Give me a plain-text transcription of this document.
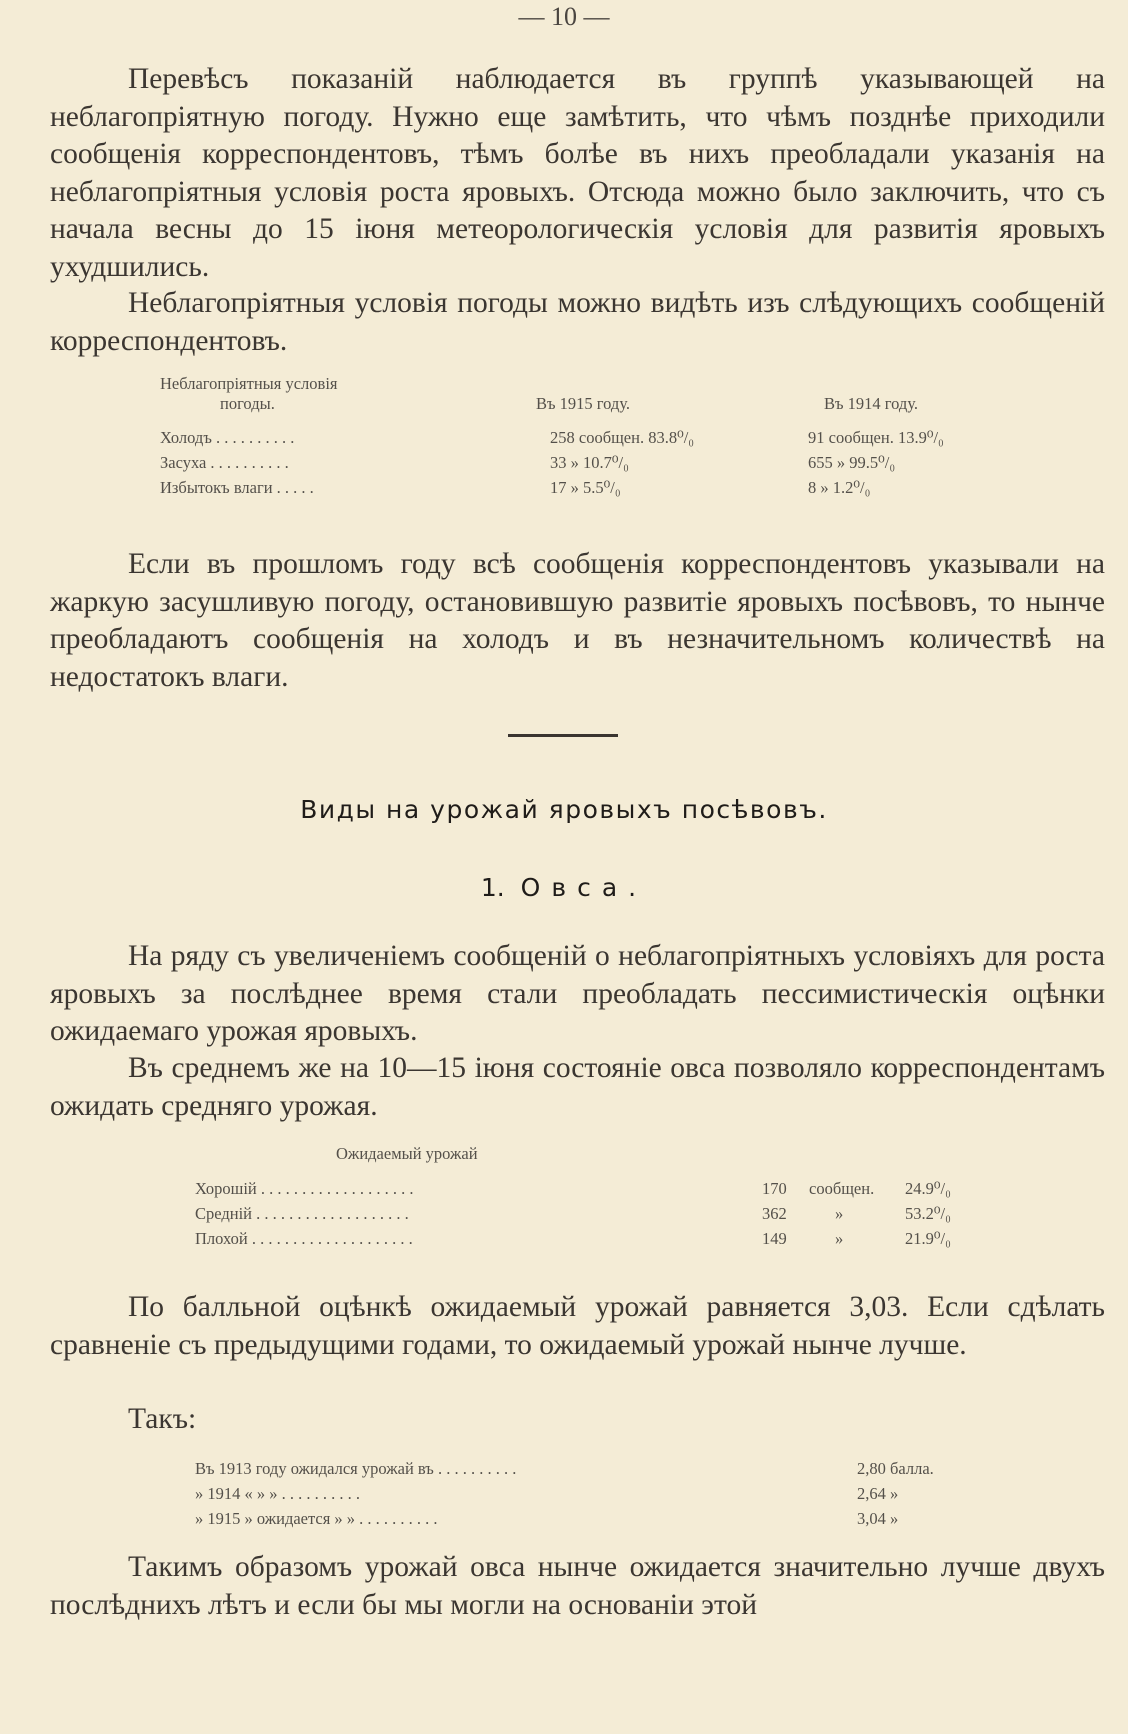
— 10 —
Перевѣсъ показаній наблюдается въ группѣ указывающей на неблагопріятную погоду. Нужно еще замѣтить, что чѣмъ позднѣе приходили сообщенія корреспондентовъ, тѣмъ болѣе въ нихъ преобладали указанія на неблагопріятныя условія роста яровыхъ. Отсюда можно было заключить, что съ начала весны до 15 іюня метеорологическія условія для развитія яровыхъ ухудшились.
Неблагопріятныя условія погоды можно видѣть изъ слѣдующихъ сообщеній корреспондентовъ.
Неблагопріятныя условія
погоды.	Въ 1915 году.	Въ 1914 году.
Холодъ . . . . . . . . . .	258 сообщен. 83.8⁰/₀	91 сообщен. 13.9⁰/₀
Засуха . . . . . . . . . .	33 » 10.7⁰/₀	655 » 99.5⁰/₀
Избытокъ влаги . . . . .	17 » 5.5⁰/₀	8 » 1.2⁰/₀
Если въ прошломъ году всѣ сообщенія корреспондентовъ указывали на жаркую засушливую погоду, остановившую развитіе яровыхъ посѣвовъ, то нынче преобладаютъ сообщенія на холодъ и въ незначительномъ количествѣ на недостатокъ влаги.
Виды на урожай яровыхъ посѣвовъ.
1. Овса.
На ряду съ увеличеніемъ сообщеній о неблагопріятныхъ условіяхъ для роста яровыхъ за послѣднее время стали преобладать пессимистическія оцѣнки ожидаемаго урожая яровыхъ.
Въ среднемъ же на 10—15 іюня состояніе овса позволяло корреспондентамъ ожидать средняго урожая.
Ожидаемый урожай
Хорошій . . . . . . . . . . . . . . . . . . .	170 сообщен. 24.9⁰/₀
Средній . . . . . . . . . . . . . . . . . . .	362	»	53.2⁰/₀
Плохой . . . . . . . . . . . . . . . . . . . .	149	»	21.9⁰/₀
По балльной оцѣнкѣ ожидаемый урожай равняется 3,03. Если сдѣлать сравненіе съ предыдущими годами, то ожидаемый урожай нынче лучше.
Такъ:
Въ 1913 году ожидался урожай въ . . . . . . . . . .	2,80 балла.
» 1914 « » » . . . . . . . . . .	2,64 »
» 1915 » ожидается » » . . . . . . . . . .	3,04 »
Такимъ образомъ урожай овса нынче ожидается значительно лучше двухъ послѣднихъ лѣтъ и если бы мы могли на основаніи этой
